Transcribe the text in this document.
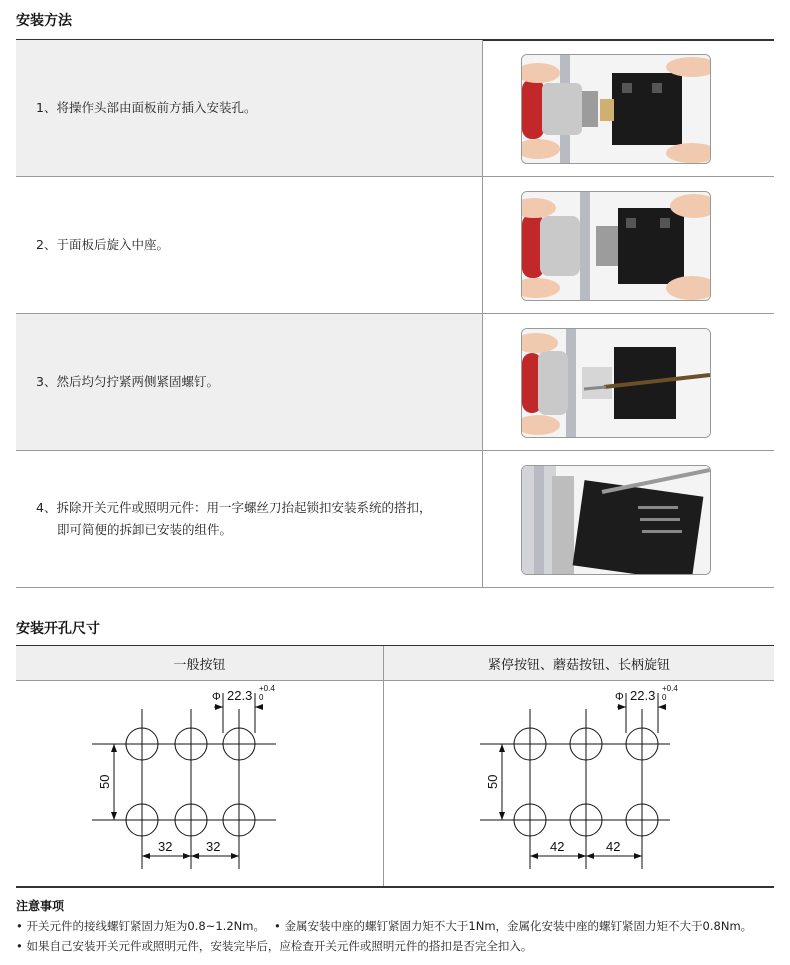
安装方法
1、将操作头部由面板前方插入安装孔。
2、于面板后旋入中座。
3、然后均匀拧紧两侧紧固螺钉。
4、拆除开关元件或照明元件：用一字螺丝刀抬起锁扣安装系统的搭扣，
即可简便的拆卸已安装的组件。
安装开孔尺寸
一般按钮	紧停按钮、蘑菇按钮、长柄旋钮
Φ 22.3 +0.4
0
50
32	32
Φ 22.3 +0.4
0
50
42	42
注意事项
• 开关元件的接线螺钉紧固力矩为0.8~1.2Nm。 • 金属安装中座的螺钉紧固力矩不大于1Nm，金属化安装中座的螺钉紧固力矩不大于0.8Nm。
• 如果自己安装开关元件或照明元件，安装完毕后，应检查开关元件或照明元件的搭扣是否完全扣入。
